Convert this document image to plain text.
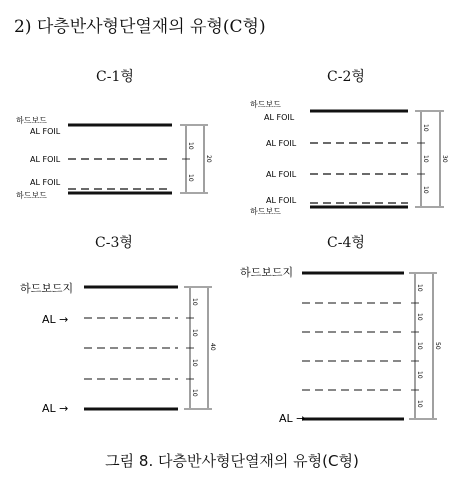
2) 다층반사형단열재의 유형(C형)
C-1형	C-2형
C-3형	C-4형
하드보드
AL FOIL
AL FOIL
AL FOIL
하드보드
10
10
20
하드보드
AL FOIL
AL FOIL
AL FOIL
AL FOIL
하드보드
10
10
10
30
하드보드지
AL →
AL →
10
10
10
10
40
하드보드지
AL →
10
10
10
10
10
50
그림 8. 다층반사형단열재의 유형(C형)
